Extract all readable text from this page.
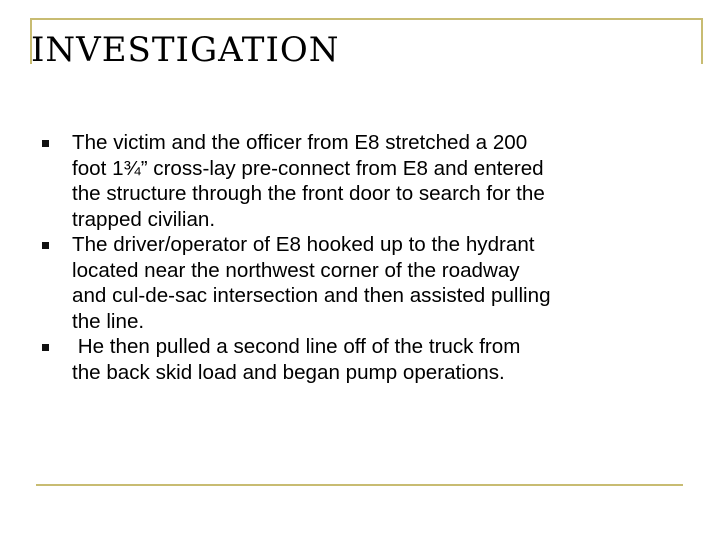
INVESTIGATION
The victim and the officer from E8 stretched a 200
foot 1¾” cross-lay pre-connect from E8 and entered
the structure through the front door to search for the
trapped civilian.
The driver/operator of E8 hooked up to the hydrant
located near the northwest corner of the roadway
and cul-de-sac intersection and then assisted pulling
the line.
He then pulled a second line off of the truck from
the back skid load and began pump operations.
